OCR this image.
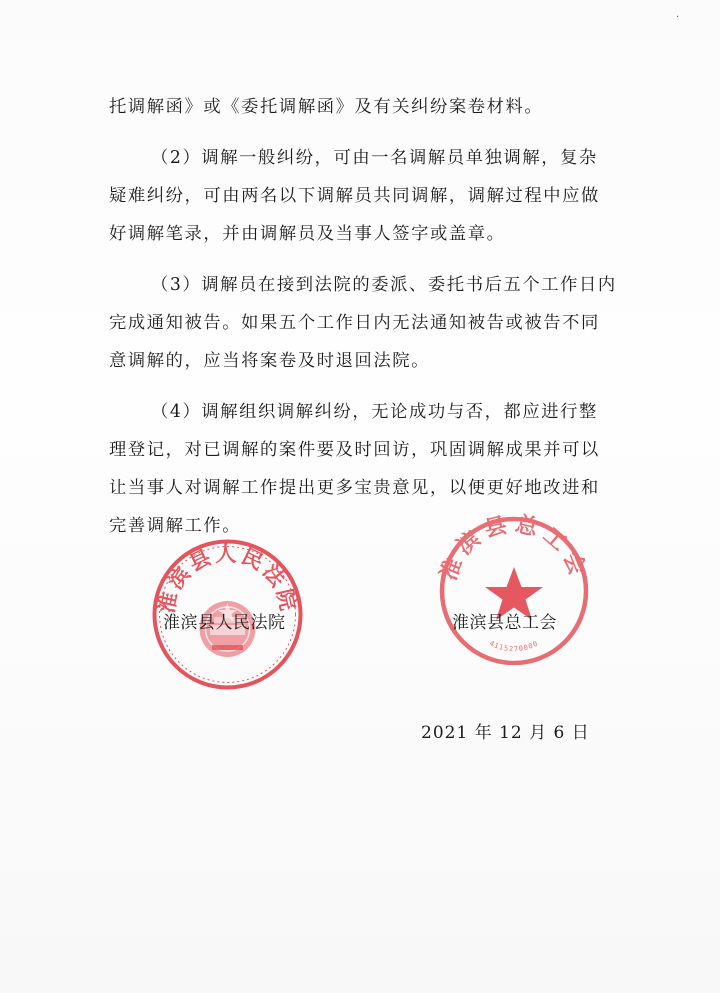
·
托调解函》或《委托调解函》及有关纠纷案卷材料。
（2）调解一般纠纷，可由一名调解员单独调解，复杂
疑难纠纷，可由两名以下调解员共同调解，调解过程中应做
好调解笔录，并由调解员及当事人签字或盖章。
（3）调解员在接到法院的委派、委托书后五个工作日内
完成通知被告。如果五个工作日内无法通知被告或被告不同
意调解的，应当将案卷及时退回法院。
（4）调解组织调解纠纷，无论成功与否，都应进行整
理登记，对已调解的案件要及时回访，巩固调解成果并可以
让当事人对调解工作提出更多宝贵意见，以便更好地改进和
完善调解工作。
淮滨县人民法院
淮滨县总工会
4115270000
淮滨县人民法院	淮滨县总工会
2021 年 12 月 6 日
